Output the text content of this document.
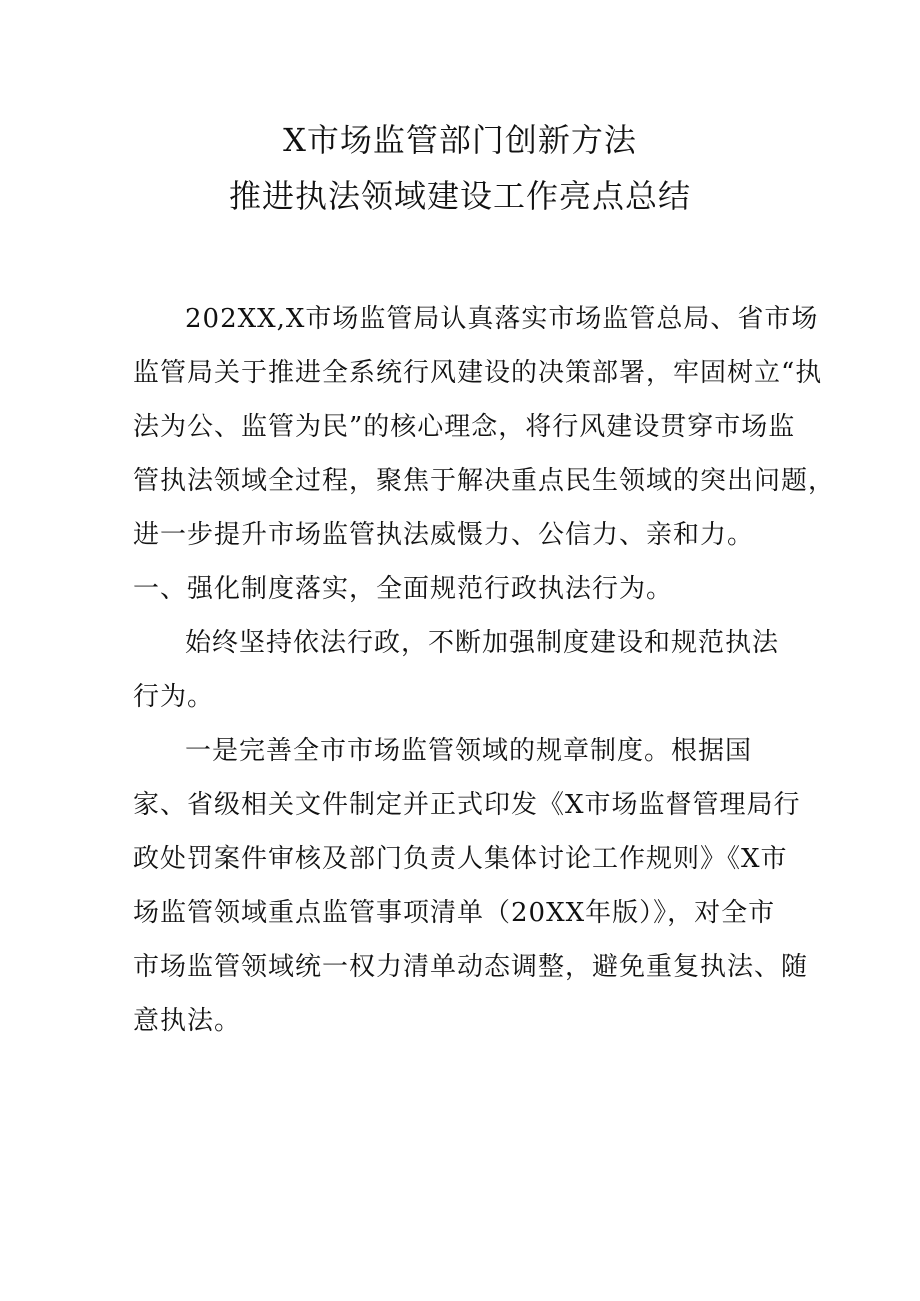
X市场监管部门创新方法
推进执法领域建设工作亮点总结
202XX,X市场监管局认真落实市场监管总局、省市场
监管局关于推进全系统行风建设的决策部署，牢固树立“执
法为公、监管为民”的核心理念，将行风建设贯穿市场监
管执法领域全过程，聚焦于解决重点民生领域的突出问题，
进一步提升市场监管执法威慑力、公信力、亲和力。
一、强化制度落实，全面规范行政执法行为。
始终坚持依法行政，不断加强制度建设和规范执法
行为。
一是完善全市市场监管领域的规章制度。根据国
家、省级相关文件制定并正式印发《X市场监督管理局行
政处罚案件审核及部门负责人集体讨论工作规则》《X市
场监管领域重点监管事项清单（20XX年版）》，对全市
市场监管领域统一权力清单动态调整，避免重复执法、随
意执法。
